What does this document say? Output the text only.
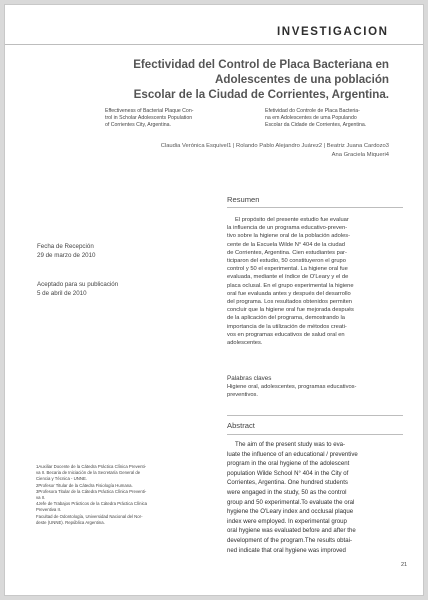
INVESTIGACION
Efectividad del Control de Placa Bacteriana en
Adolescentes de una población
Escolar de la Ciudad de Corrientes, Argentina.
Effectiveness of Bacterial Plaque Con-
trol in Scholar Adolescents Population
of Corrientes City, Argentina.
Efetividad do Controle de Placa Bacteria-
na em Adolescentes de uma Populando
Escolar da Cidade de Corrientes, Argentina.
Claudia Verónica Esquivel1 | Rolando Pablo Alejandro Juárez2 | Beatriz Juana Cardozo3
Ana Graciela Miqueri4
Resumen
Fecha de Recepción
29 de marzo de 2010
Aceptado para su publicación
5 de abril de 2010
El propósito del presente estudio fue evaluar
la influencia de un programa educativo-preven-
tivo sobre la higiene oral de la población adoles-
cente de la Escuela Wilde N° 404 de la ciudad
de Corrientes, Argentina. Cien estudiantes par-
ticiparon del estudio, 50 constituyeron el grupo
control y 50 el experimental. La higiene oral fue
evaluada, mediante el índice de O'Leary y el de
placa oclusal. En el grupo experimental la higiene
oral fue evaluada antes y después del desarrollo
del programa. Los resultados obtenidos permiten
concluir que la higiene oral fue mejorada después
de la aplicación del programa, demostrando la
importancia de la utilización de métodos creati-
vos en programas educativos de salud oral en
adolescentes.
Palabras claves
Higiene oral, adolescentes, programas educativos-
preventivos.
Abstract
The aim of the present study was to eva-
luate the influence of an educational / preventive
program in the oral hygiene of the adolescent
population Wilde School N° 404 in the City of
Corrientes, Argentina. One hundred students
were engaged in the study, 50 as the control
group and 50 experimental.To evaluate the oral
hygiene the O'Leary index and occlusal plaque
index were employed. In experimental group
oral hygiene was evaluated before and after the
development of the program.The results obtai-
ned indicate that oral hygiene was improved
1Auxiliar Docente de la Cátedra Práctica Clínica Preventi-
va II. Becaria de Iniciación de la Secretaría General de
Ciencia y Técnica - UNNE.
2Profesor Titular de la Cátedra Fisiología Humana.
3Profesora Titular de la Cátedra Práctica Clínica Preventi-
va II.
4Jefe de Trabajos Prácticos de la Cátedra Práctica Clínica
Preventiva II.
Facultad de Odontología, Universidad Nacional del Nor-
deste (UNNE). República Argentina.
21
